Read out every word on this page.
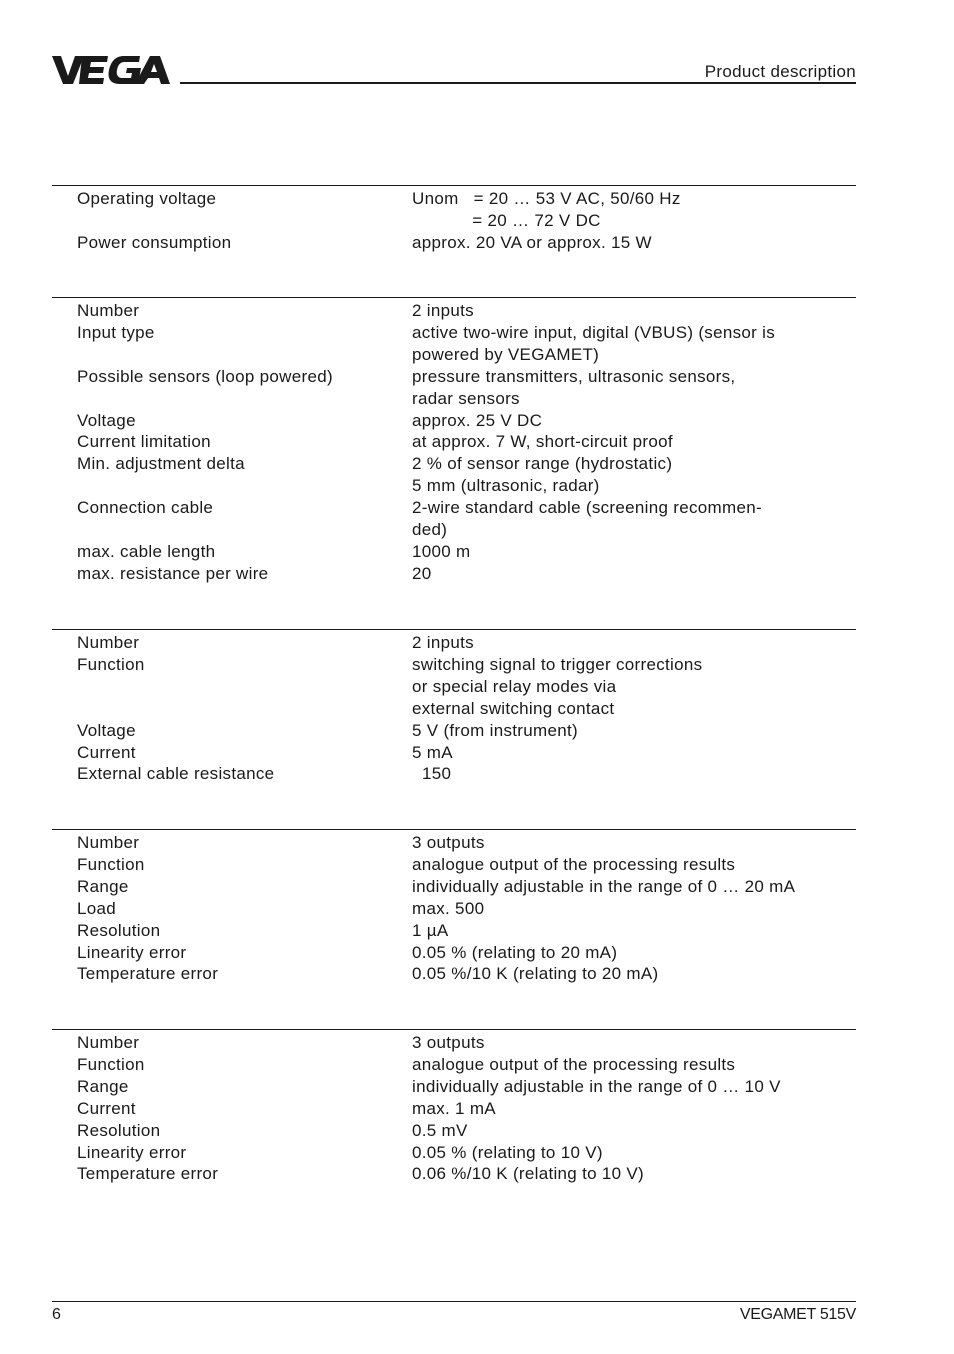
Product description
Operating voltage	Unom   = 20 … 53 V AC, 50/60 Hz
= 20 … 72 V DC
Power consumption	approx. 20 VA or approx. 15 W
Number	2 inputs
Input type	active two-wire input, digital (VBUS) (sensor is
powered by VEGAMET)
Possible sensors (loop powered)	pressure transmitters, ultrasonic sensors,
radar sensors
Voltage	approx. 25 V DC
Current limitation	at approx. 7 W, short-circuit proof
Min. adjustment delta	2 % of sensor range (hydrostatic)
5 mm (ultrasonic, radar)
Connection cable	2-wire standard cable (screening recommen-
ded)
max. cable length	1000 m
max. resistance per wire	20
Number	2 inputs
Function	switching signal to trigger corrections
or special relay modes via
external switching contact
Voltage	5 V (from instrument)
Current	5 mA
External cable resistance	150
Number	3 outputs
Function	analogue output of the processing results
Range	individually adjustable in the range of 0 … 20 mA
Load	max. 500
Resolution	1 µA
Linearity error	0.05 % (relating to 20 mA)
Temperature error	0.05 %/10 K (relating to 20 mA)
Number	3 outputs
Function	analogue output of the processing results
Range	individually adjustable in the range of 0 … 10 V
Current	max. 1 mA
Resolution	0.5 mV
Linearity error	0.05 % (relating to 10 V)
Temperature error	0.06 %/10 K (relating to 10 V)
6	VEGAMET 515V
